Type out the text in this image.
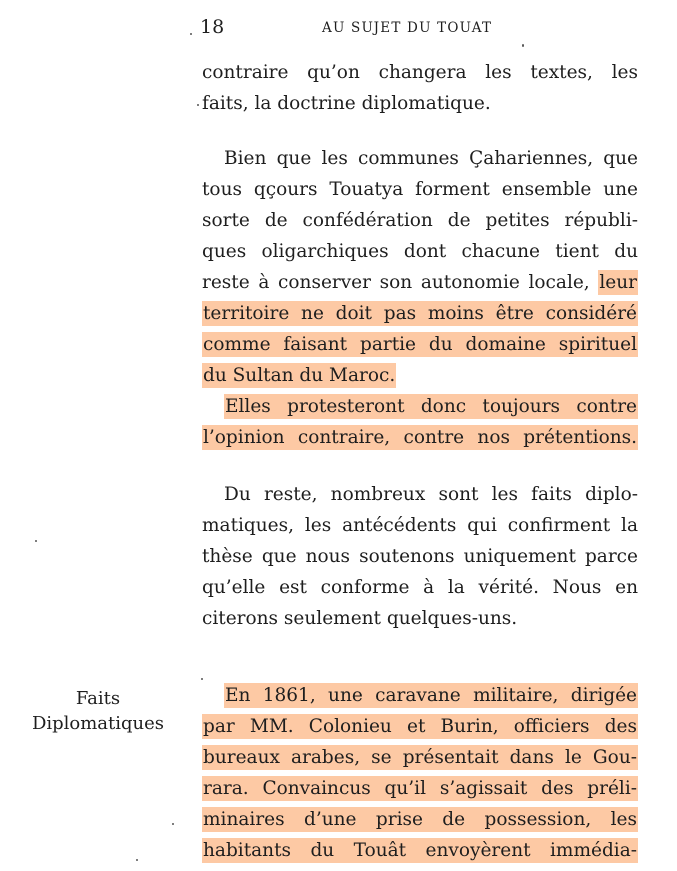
18	AU SUJET DU TOUAT
contraire qu’on changera les textes, les
faits, la doctrine diplomatique.
Bien que les communes Çahariennes, que
tous qçours Touatya forment ensemble une
sorte de confédération de petites républi-
ques oligarchiques dont chacune tient du
reste à conserver son autonomie locale, leur
territoire ne doit pas moins être considéré
comme faisant partie du domaine spirituel
du Sultan du Maroc.
Elles protesteront donc toujours contre
l’opinion contraire, contre nos prétentions.
Du reste, nombreux sont les faits diplo-
matiques, les antécédents qui confirment la
thèse que nous soutenons uniquement parce
qu’elle est conforme à la vérité. Nous en
citerons seulement quelques-uns.
Faits
Diplomatiques
En 1861, une caravane militaire, dirigée
par MM. Colonieu et Burin, officiers des
bureaux arabes, se présentait dans le Gou-
rara. Convaincus qu’il s’agissait des préli-
minaires d’une prise de possession, les
habitants du Touât envoyèrent immédia-
